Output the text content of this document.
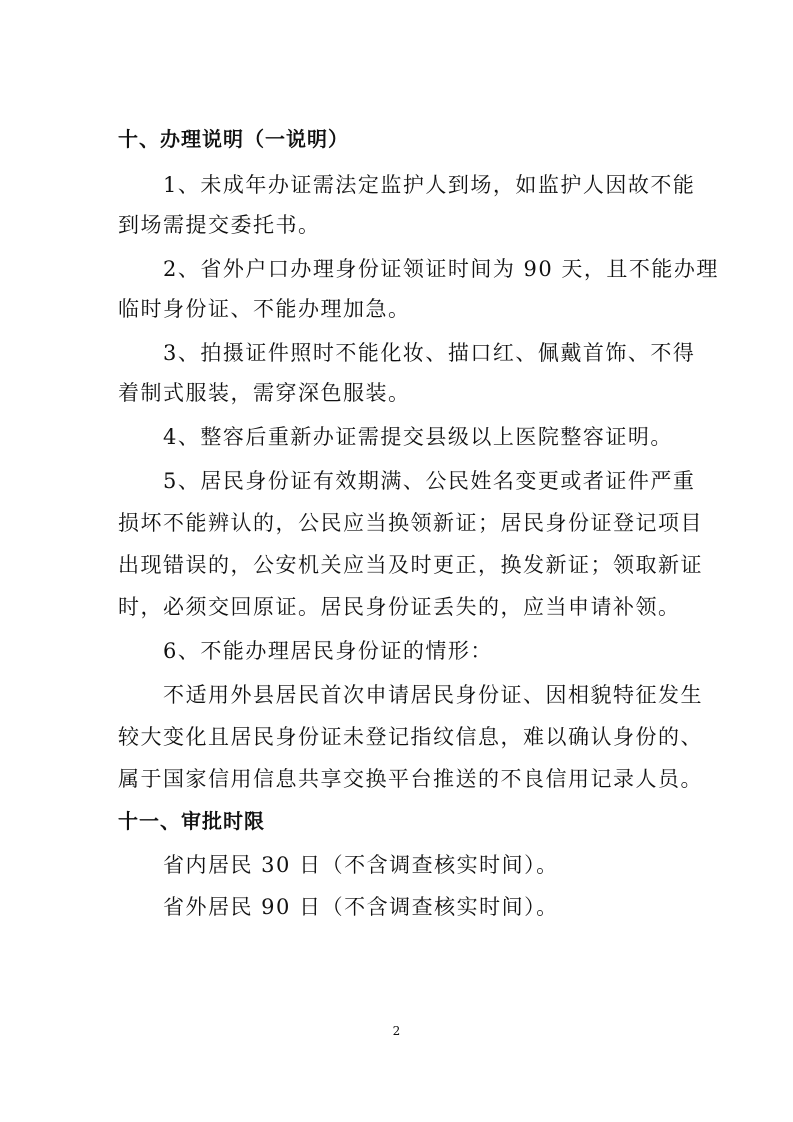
十、办理说明（一说明）
1、未成年办证需法定监护人到场，如监护人因故不能
到场需提交委托书。
2、省外户口办理身份证领证时间为 90 天，且不能办理
临时身份证、不能办理加急。
3、拍摄证件照时不能化妆、描口红、佩戴首饰、不得
着制式服装，需穿深色服装。
4、整容后重新办证需提交县级以上医院整容证明。
5、居民身份证有效期满、公民姓名变更或者证件严重
损坏不能辨认的，公民应当换领新证；居民身份证登记项目
出现错误的，公安机关应当及时更正，换发新证；领取新证
时，必须交回原证。居民身份证丢失的，应当申请补领。
6、不能办理居民身份证的情形：
不适用外县居民首次申请居民身份证、因相貌特征发生
较大变化且居民身份证未登记指纹信息，难以确认身份的、
属于国家信用信息共享交换平台推送的不良信用记录人员。
十一、审批时限
省内居民 30 日（不含调查核实时间）。
省外居民 90 日（不含调查核实时间）。
2
